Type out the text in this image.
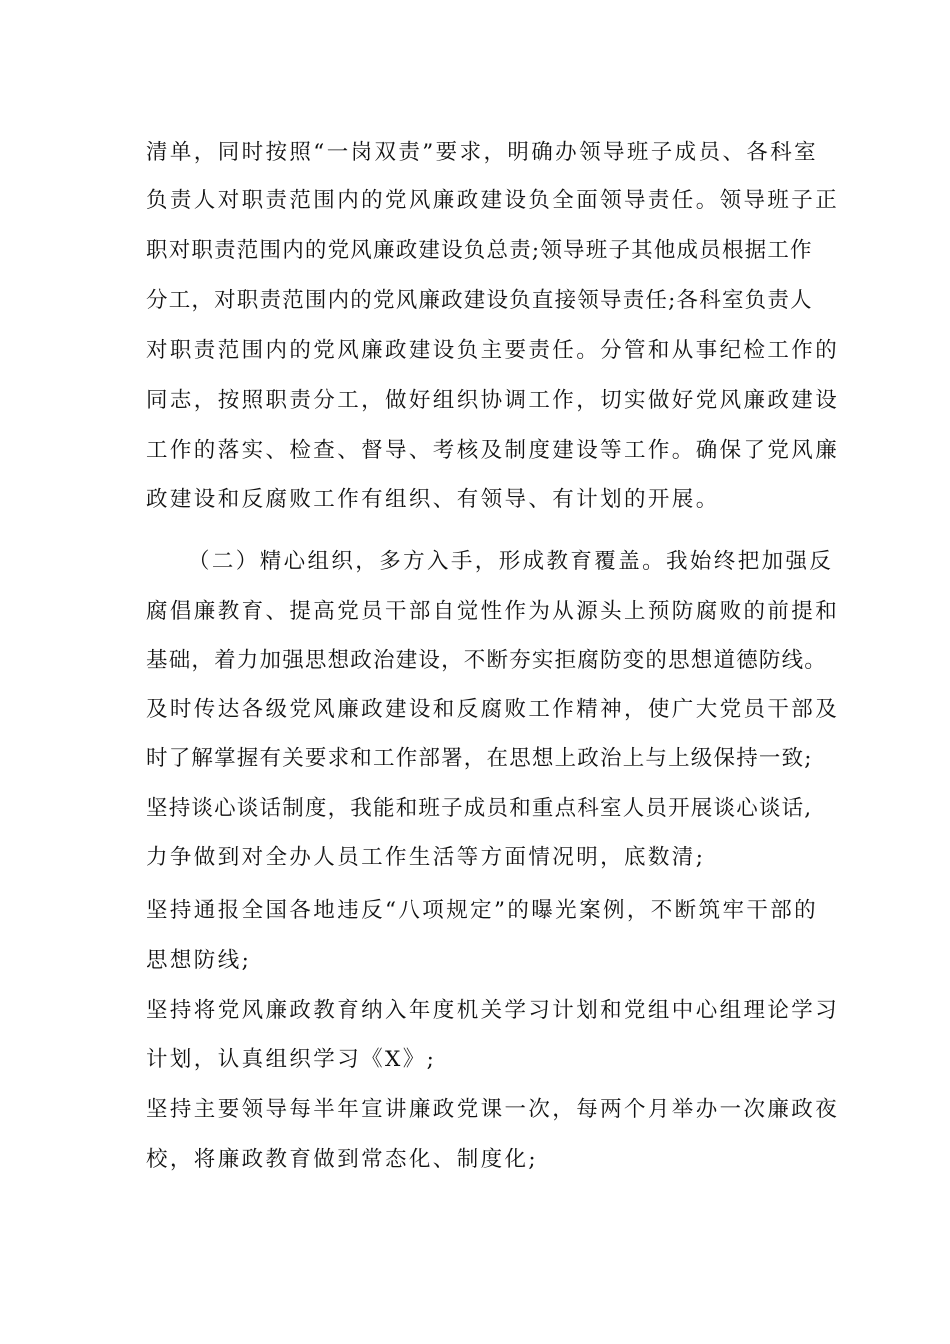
清单，同时按照“一岗双责”要求，明确办领导班子成员、各科室
负责人对职责范围内的党风廉政建设负全面领导责任。领导班子正
职对职责范围内的党风廉政建设负总责;领导班子其他成员根据工作
分工，对职责范围内的党风廉政建设负直接领导责任;各科室负责人
对职责范围内的党风廉政建设负主要责任。分管和从事纪检工作的
同志，按照职责分工，做好组织协调工作，切实做好党风廉政建设
工作的落实、检查、督导、考核及制度建设等工作。确保了党风廉
政建设和反腐败工作有组织、有领导、有计划的开展。
（二）精心组织，多方入手，形成教育覆盖。我始终把加强反
腐倡廉教育、提高党员干部自觉性作为从源头上预防腐败的前提和
基础，着力加强思想政治建设，不断夯实拒腐防变的思想道德防线。
及时传达各级党风廉政建设和反腐败工作精神，使广大党员干部及
时了解掌握有关要求和工作部署，在思想上政治上与上级保持一致;
坚持谈心谈话制度，我能和班子成员和重点科室人员开展谈心谈话,
力争做到对全办人员工作生活等方面情况明，底数清;
坚持通报全国各地违反“八项规定”的曝光案例，不断筑牢干部的
思想防线;
坚持将党风廉政教育纳入年度机关学习计划和党组中心组理论学习
计划，认真组织学习《X》;
坚持主要领导每半年宣讲廉政党课一次，每两个月举办一次廉政夜
校，将廉政教育做到常态化、制度化;
